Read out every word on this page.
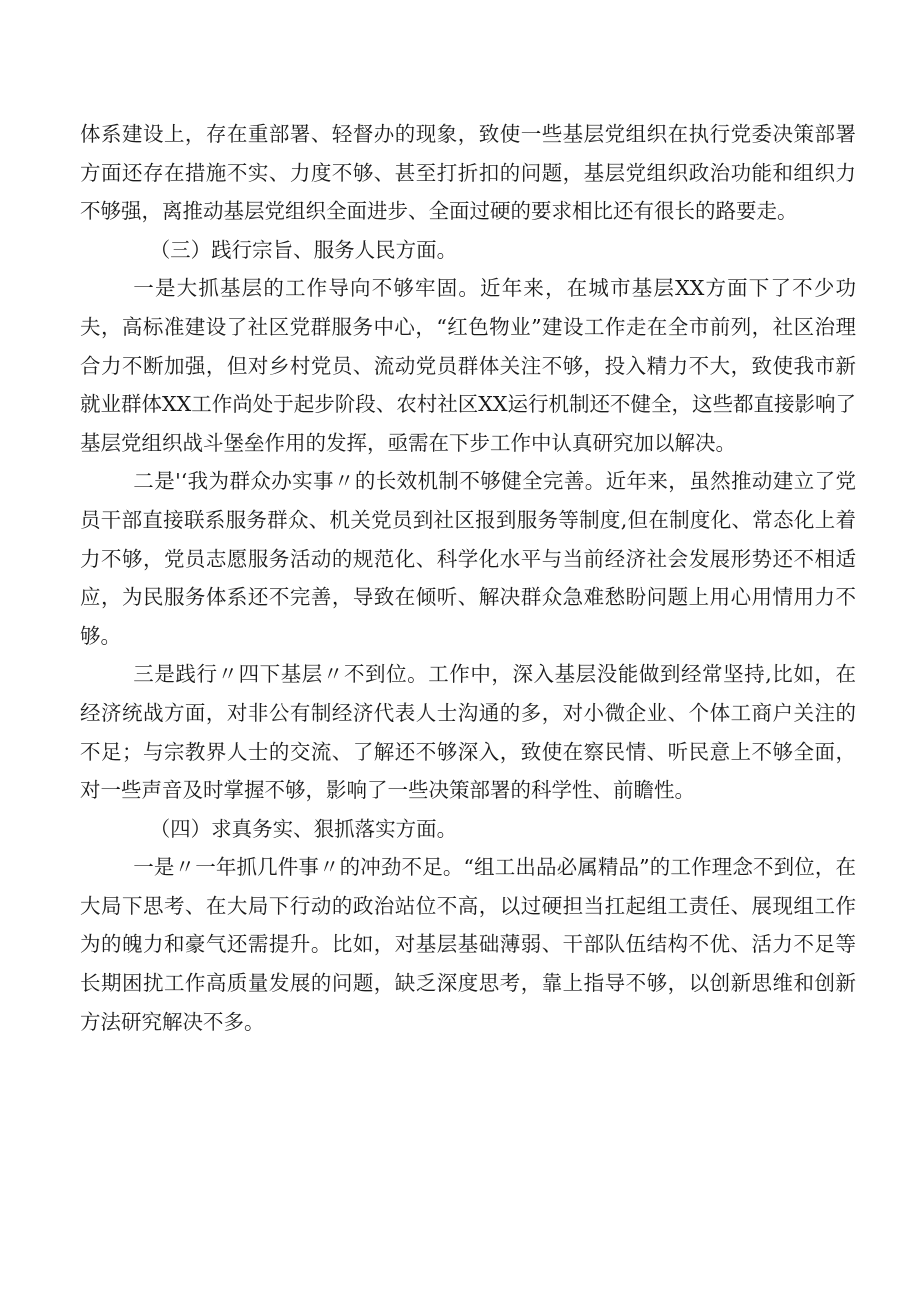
体系建设上，存在重部署、轻督办的现象，致使一些基层党组织在执行党委决策部署方面还存在措施不实、力度不够、甚至打折扣的问题，基层党组织政治功能和组织力不够强，离推动基层党组织全面进步、全面过硬的要求相比还有很长的路要走。

（三）践行宗旨、服务人民方面。

一是大抓基层的工作导向不够牢固。近年来，在城市基层XX方面下了不少功夫，高标准建设了社区党群服务中心，“红色物业”建设工作走在全市前列，社区治理合力不断加强，但对乡村党员、流动党员群体关注不够，投入精力不大，致使我市新就业群体XX工作尚处于起步阶段、农村社区XX运行机制还不健全，这些都直接影响了基层党组织战斗堡垒作用的发挥，亟需在下步工作中认真研究加以解决。

二是'‘我为群众办实事〃的长效机制不够健全完善。近年来，虽然推动建立了党员干部直接联系服务群众、机关党员到社区报到服务等制度,但在制度化、常态化上着力不够，党员志愿服务活动的规范化、科学化水平与当前经济社会发展形势还不相适应，为民服务体系还不完善，导致在倾听、解决群众急难愁盼问题上用心用情用力不够。

三是践行〃四下基层〃不到位。工作中，深入基层没能做到经常坚持,比如，在经济统战方面，对非公有制经济代表人士沟通的多，对小微企业、个体工商户关注的不足；与宗教界人士的交流、了解还不够深入，致使在察民情、听民意上不够全面，对一些声音及时掌握不够，影响了一些决策部署的科学性、前瞻性。

（四）求真务实、狠抓落实方面。

一是〃一年抓几件事〃的冲劲不足。“组工出品必属精品”的工作理念不到位，在大局下思考、在大局下行动的政治站位不高，以过硬担当扛起组工责任、展现组工作为的魄力和豪气还需提升。比如，对基层基础薄弱、干部队伍结构不优、活力不足等长期困扰工作高质量发展的问题，缺乏深度思考，靠上指导不够，以创新思维和创新方法研究解决不多。
